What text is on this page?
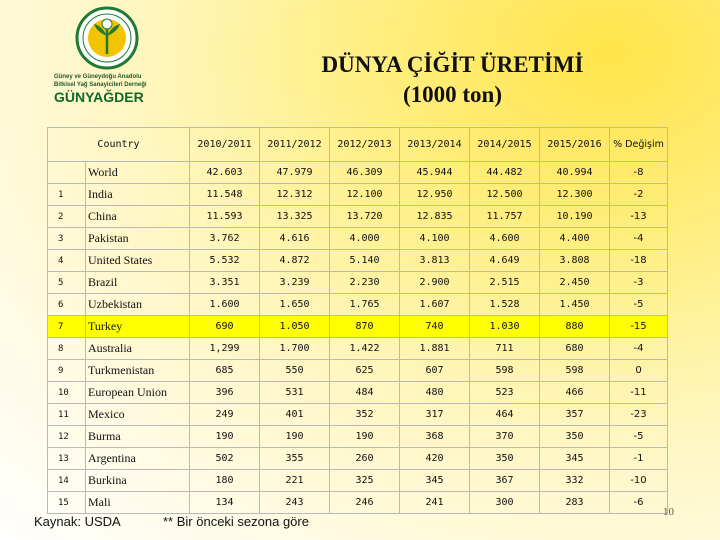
Güney ve Güneydoğu Anadolu
Bitkisel Yağ Sanayicileri Derneği
GÜNYAĞDER
DÜNYA ÇİĞİT ÜRETİMİ
(1000 ton)
Country		2010/2011	2011/2012	2012/2013	2013/2014	2014/2015	2015/2016	% Değişim
	World	42.603	47.979	46.309	45.944	44.482	40.994	-8
1	India	11.548	12.312	12.100	12.950	12.500	12.300	-2
2	China	11.593	13.325	13.720	12.835	11.757	10.190	-13
3	Pakistan	3.762	4.616	4.000	4.100	4.600	4.400	-4
4	United States	5.532	4.872	5.140	3.813	4.649	3.808	-18
5	Brazil	3.351	3.239	2.230	2.900	2.515	2.450	-3
6	Uzbekistan	1.600	1.650	1.765	1.607	1.528	1.450	-5
7	Turkey	690	1.050	870	740	1.030	880	-15
8	Australia	1,299	1.700	1.422	1.881	711	680	-4
9	Turkmenistan	685	550	625	607	598	598	0
10	European Union	396	531	484	480	523	466	-11
11	Mexico	249	401	352	317	464	357	-23
12	Burma	190	190	190	368	370	350	-5
13	Argentina	502	355	260	420	350	345	-1
14	Burkina	180	221	325	345	367	332	-10
15	Mali	134	243	246	241	300	283	-6
Kaynak: USDA	** Bir önceki sezona göre
10
